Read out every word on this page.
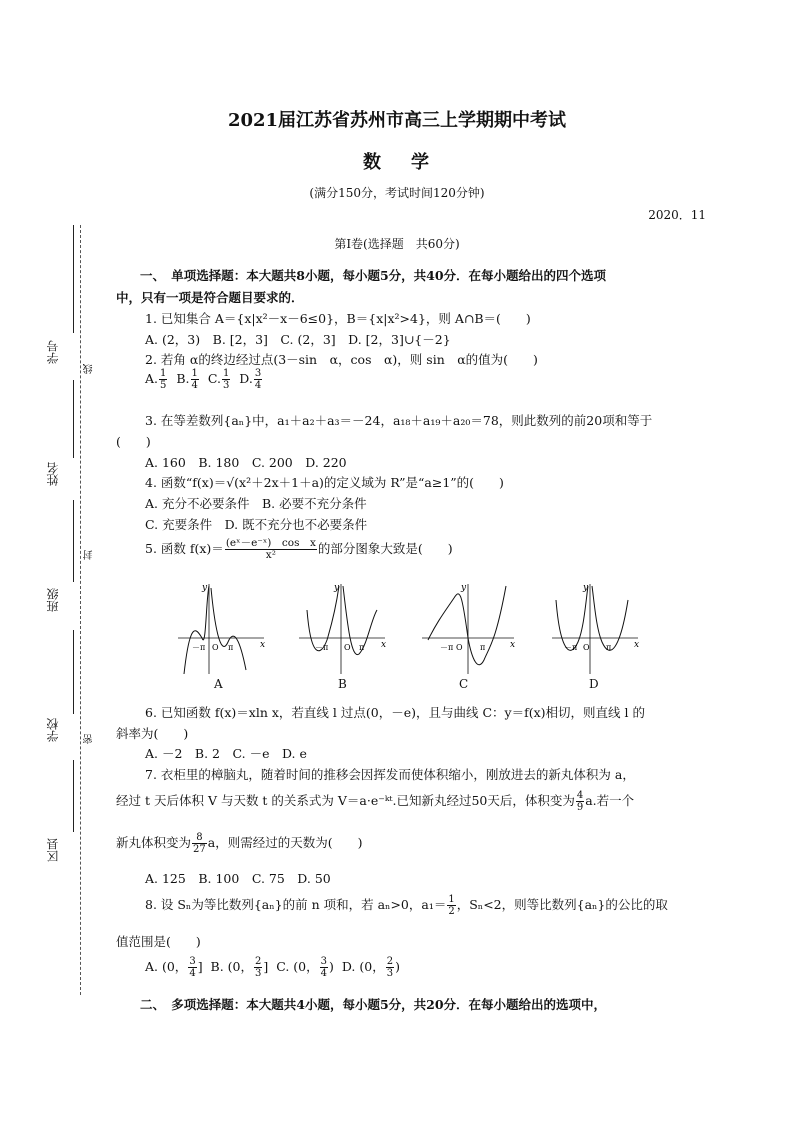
学号
姓名
班级
学校
区县
线
封
密
2021届江苏省苏州市高三上学期期中考试
数 学
(满分150分，考试时间120分钟)
2020．11
第Ⅰ卷(选择题　共60分)
一、　单项选择题：本大题共8小题，每小题5分，共40分．在每小题给出的四个选项
中，只有一项是符合题目要求的．
1. 已知集合 A＝{x|x²－x－6≤0}，B＝{x|x²>4}，则 A∩B＝(　　)
A. (2，3)　B. [2，3]　C. (2，3]　D. [2，3]∪{－2}
2. 若角 α的终边经过点(3－sin　α，cos　α)，则 sin　α的值为(　　)
A. $\frac{1}{5} B$. $\frac{1}{4} C$. $\frac{1}{3} D$. $\frac{3}{4}$
3. 在等差数列{aₙ}中，a₁＋a₂＋a₃＝－24，a₁₈＋a₁₉＋a₂₀＝78，则此数列的前20项和等于
(　　)
A. 160　B. 180　C. 200　D. 220
4. 函数“f(x)＝√(x²＋2x＋1＋a)的定义域为 R”是“a≥1”的(　　)
A. 充分不必要条件　B. 必要不充分条件
C. 充要条件　D. 既不充分也不必要条件
5. 函数 $f(x)= \frac{\text{(eˣ－e⁻ˣ)　cos　x}}{\text{x²}}$ 的部分图象大致是(　　)
y
x
－π O π
y
x
－π O π
y
x
－π O π
y
x
－π O π
A	B	C	D
6. 已知函数 f(x)＝xln x，若直线 l 过点(0，－e)，且与曲线 C：y＝f(x)相切，则直线 l 的
斜率为(　　)
A. －2　B. 2　C. －e　D. e
7. 衣柜里的樟脑丸，随着时间的推移会因挥发而使体积缩小，刚放进去的新丸体积为 a，
经过 t 天后体积 V 与天数 t 的关系式为 V＝a·e⁻ᵏᵗ.已知新丸经过50天后，体积变为 $\frac{4}{9} a$.若一个
新丸体积变为 $\frac{8}{27}$ a，则需经过的天数为(　　)
A. 125　B. 100　C. 75　D. 50
8. 设 Sₙ为等比数列{aₙ}的前 n 项和，若 aₙ>0，$a_1= \frac{1}{2}$ ，Sₙ<2，则等比数列{aₙ}的公比的取
值范围是(　　)
A. (0， $\frac{3}{4}$ ] B. (0， $\frac{2}{3}$ ] C. (0， $\frac{3}{4}$ ) D. (0， $\frac{2}{3}$ )
二、　多项选择题：本大题共4小题，每小题5分，共20分．在每小题给出的选项中，
